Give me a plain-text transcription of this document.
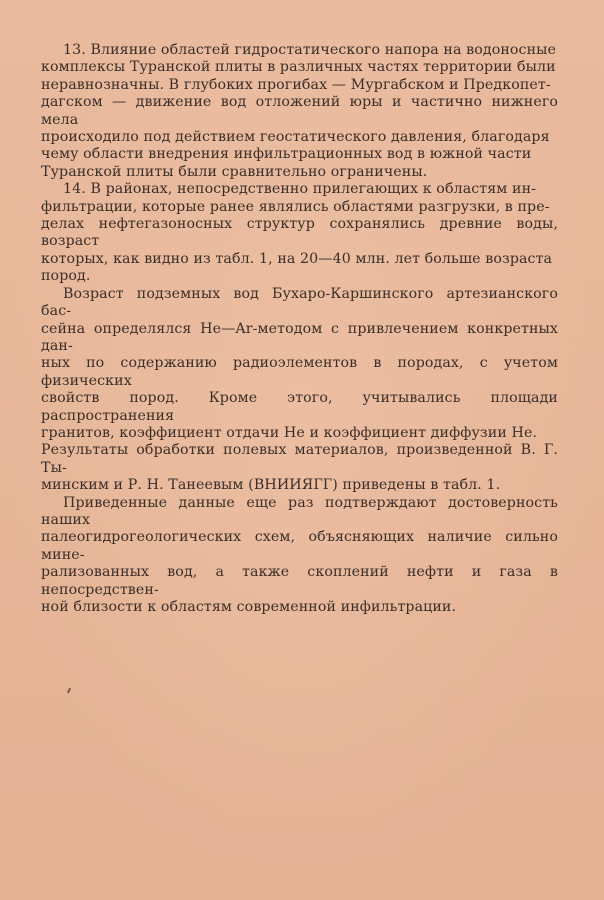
13. Влияние областей гидростатического напора на водоносные
комплексы Туранской плиты в различных частях территории были
неравнозначны. В глубоких прогибах — Мургабском и Предкопет-
дагском — движение вод отложений юры и частично нижнего мела
происходило под действием геостатического давления, благодаря
чему области внедрения инфильтрационных вод в южной части
Туранской плиты были сравнительно ограничены.

14. В районах, непосредственно прилегающих к областям ин-
фильтрации, которые ранее являлись областями разгрузки, в пре-
делах нефтегазоносных структур сохранялись древние воды, возраст
которых, как видно из табл. 1, на 20—40 млн. лет больше возраста
пород.

Возраст подземных вод Бухаро-Каршинского артезианского бас-
сейна определялся He—Ar-методом с привлечением конкретных дан-
ных по содержанию радиоэлементов в породах, с учетом физических
свойств пород. Кроме этого, учитывались площади распространения
гранитов, коэффициент отдачи He и коэффициент диффузии He.
Результаты обработки полевых материалов, произведенной В. Г. Ты-
минским и Р. Н. Танеевым (ВНИИЯГГ) приведены в табл. 1.

Приведенные данные еще раз подтверждают достоверность наших
палеогидрогеологических схем, объясняющих наличие сильно мине-
рализованных вод, а также скоплений нефти и газа в непосредствен-
ной близости к областям современной инфильтрации.
